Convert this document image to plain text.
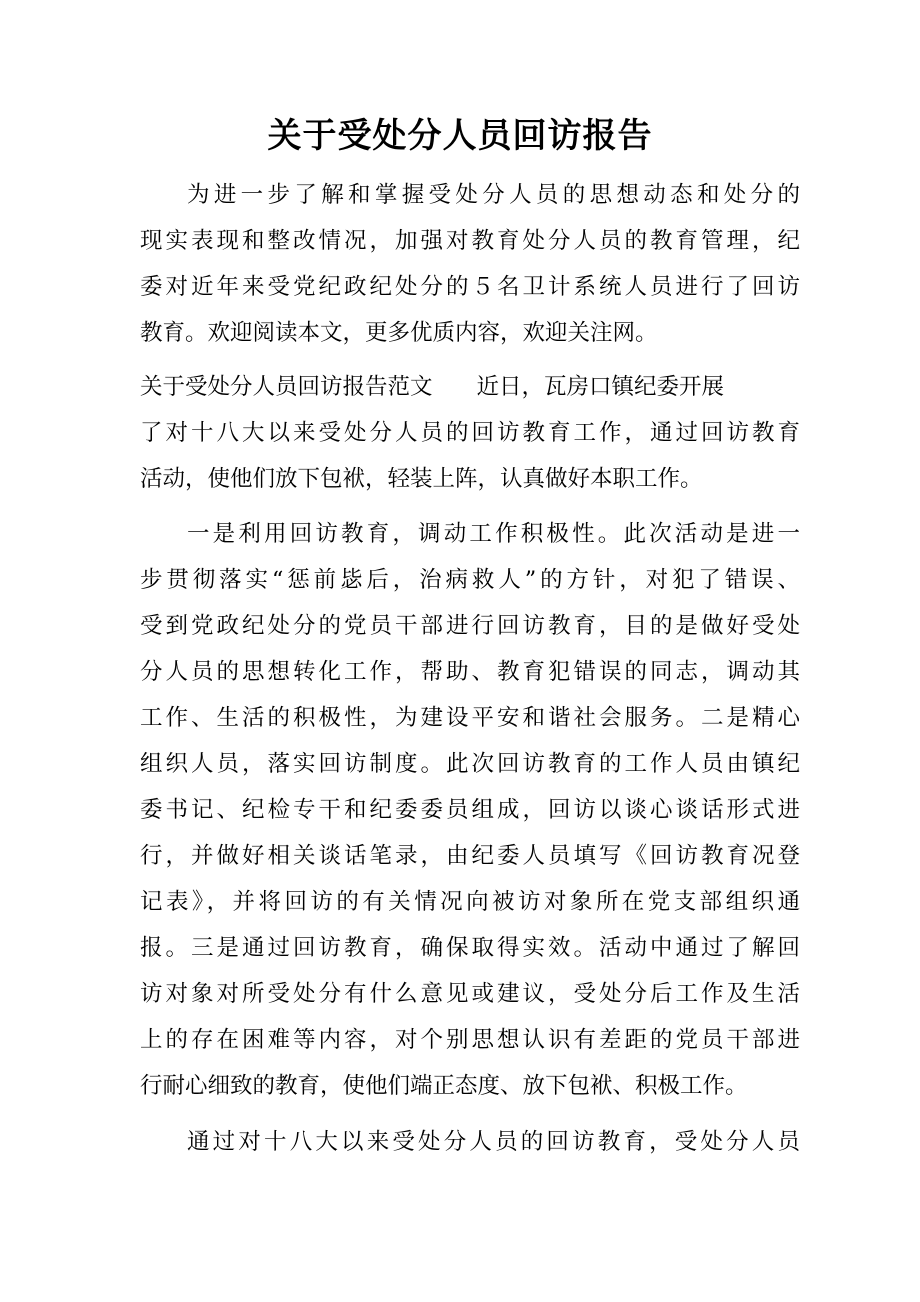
关于受处分人员回访报告
为进一步了解和掌握受处分人员的思想动态和处分的
现实表现和整改情况，加强对教育处分人员的教育管理，纪
委对近年来受党纪政纪处分的５名卫计系统人员进行了回访
教育。欢迎阅读本文，更多优质内容，欢迎关注网。
关于受处分人员回访报告范文 近日，瓦房口镇纪委开展
了对十八大以来受处分人员的回访教育工作，通过回访教育
活动，使他们放下包袱，轻装上阵，认真做好本职工作。
一是利用回访教育，调动工作积极性。此次活动是进一
步贯彻落实“惩前毖后，治病救人”的方针，对犯了错误、
受到党政纪处分的党员干部进行回访教育，目的是做好受处
分人员的思想转化工作，帮助、教育犯错误的同志，调动其
工作、生活的积极性，为建设平安和谐社会服务。二是精心
组织人员，落实回访制度。此次回访教育的工作人员由镇纪
委书记、纪检专干和纪委委员组成，回访以谈心谈话形式进
行，并做好相关谈话笔录，由纪委人员填写《回访教育况登
记表》，并将回访的有关情况向被访对象所在党支部组织通
报。三是通过回访教育，确保取得实效。活动中通过了解回
访对象对所受处分有什么意见或建议，受处分后工作及生活
上的存在困难等内容，对个别思想认识有差距的党员干部进
行耐心细致的教育，使他们端正态度、放下包袱、积极工作。
通过对十八大以来受处分人员的回访教育，受处分人员
